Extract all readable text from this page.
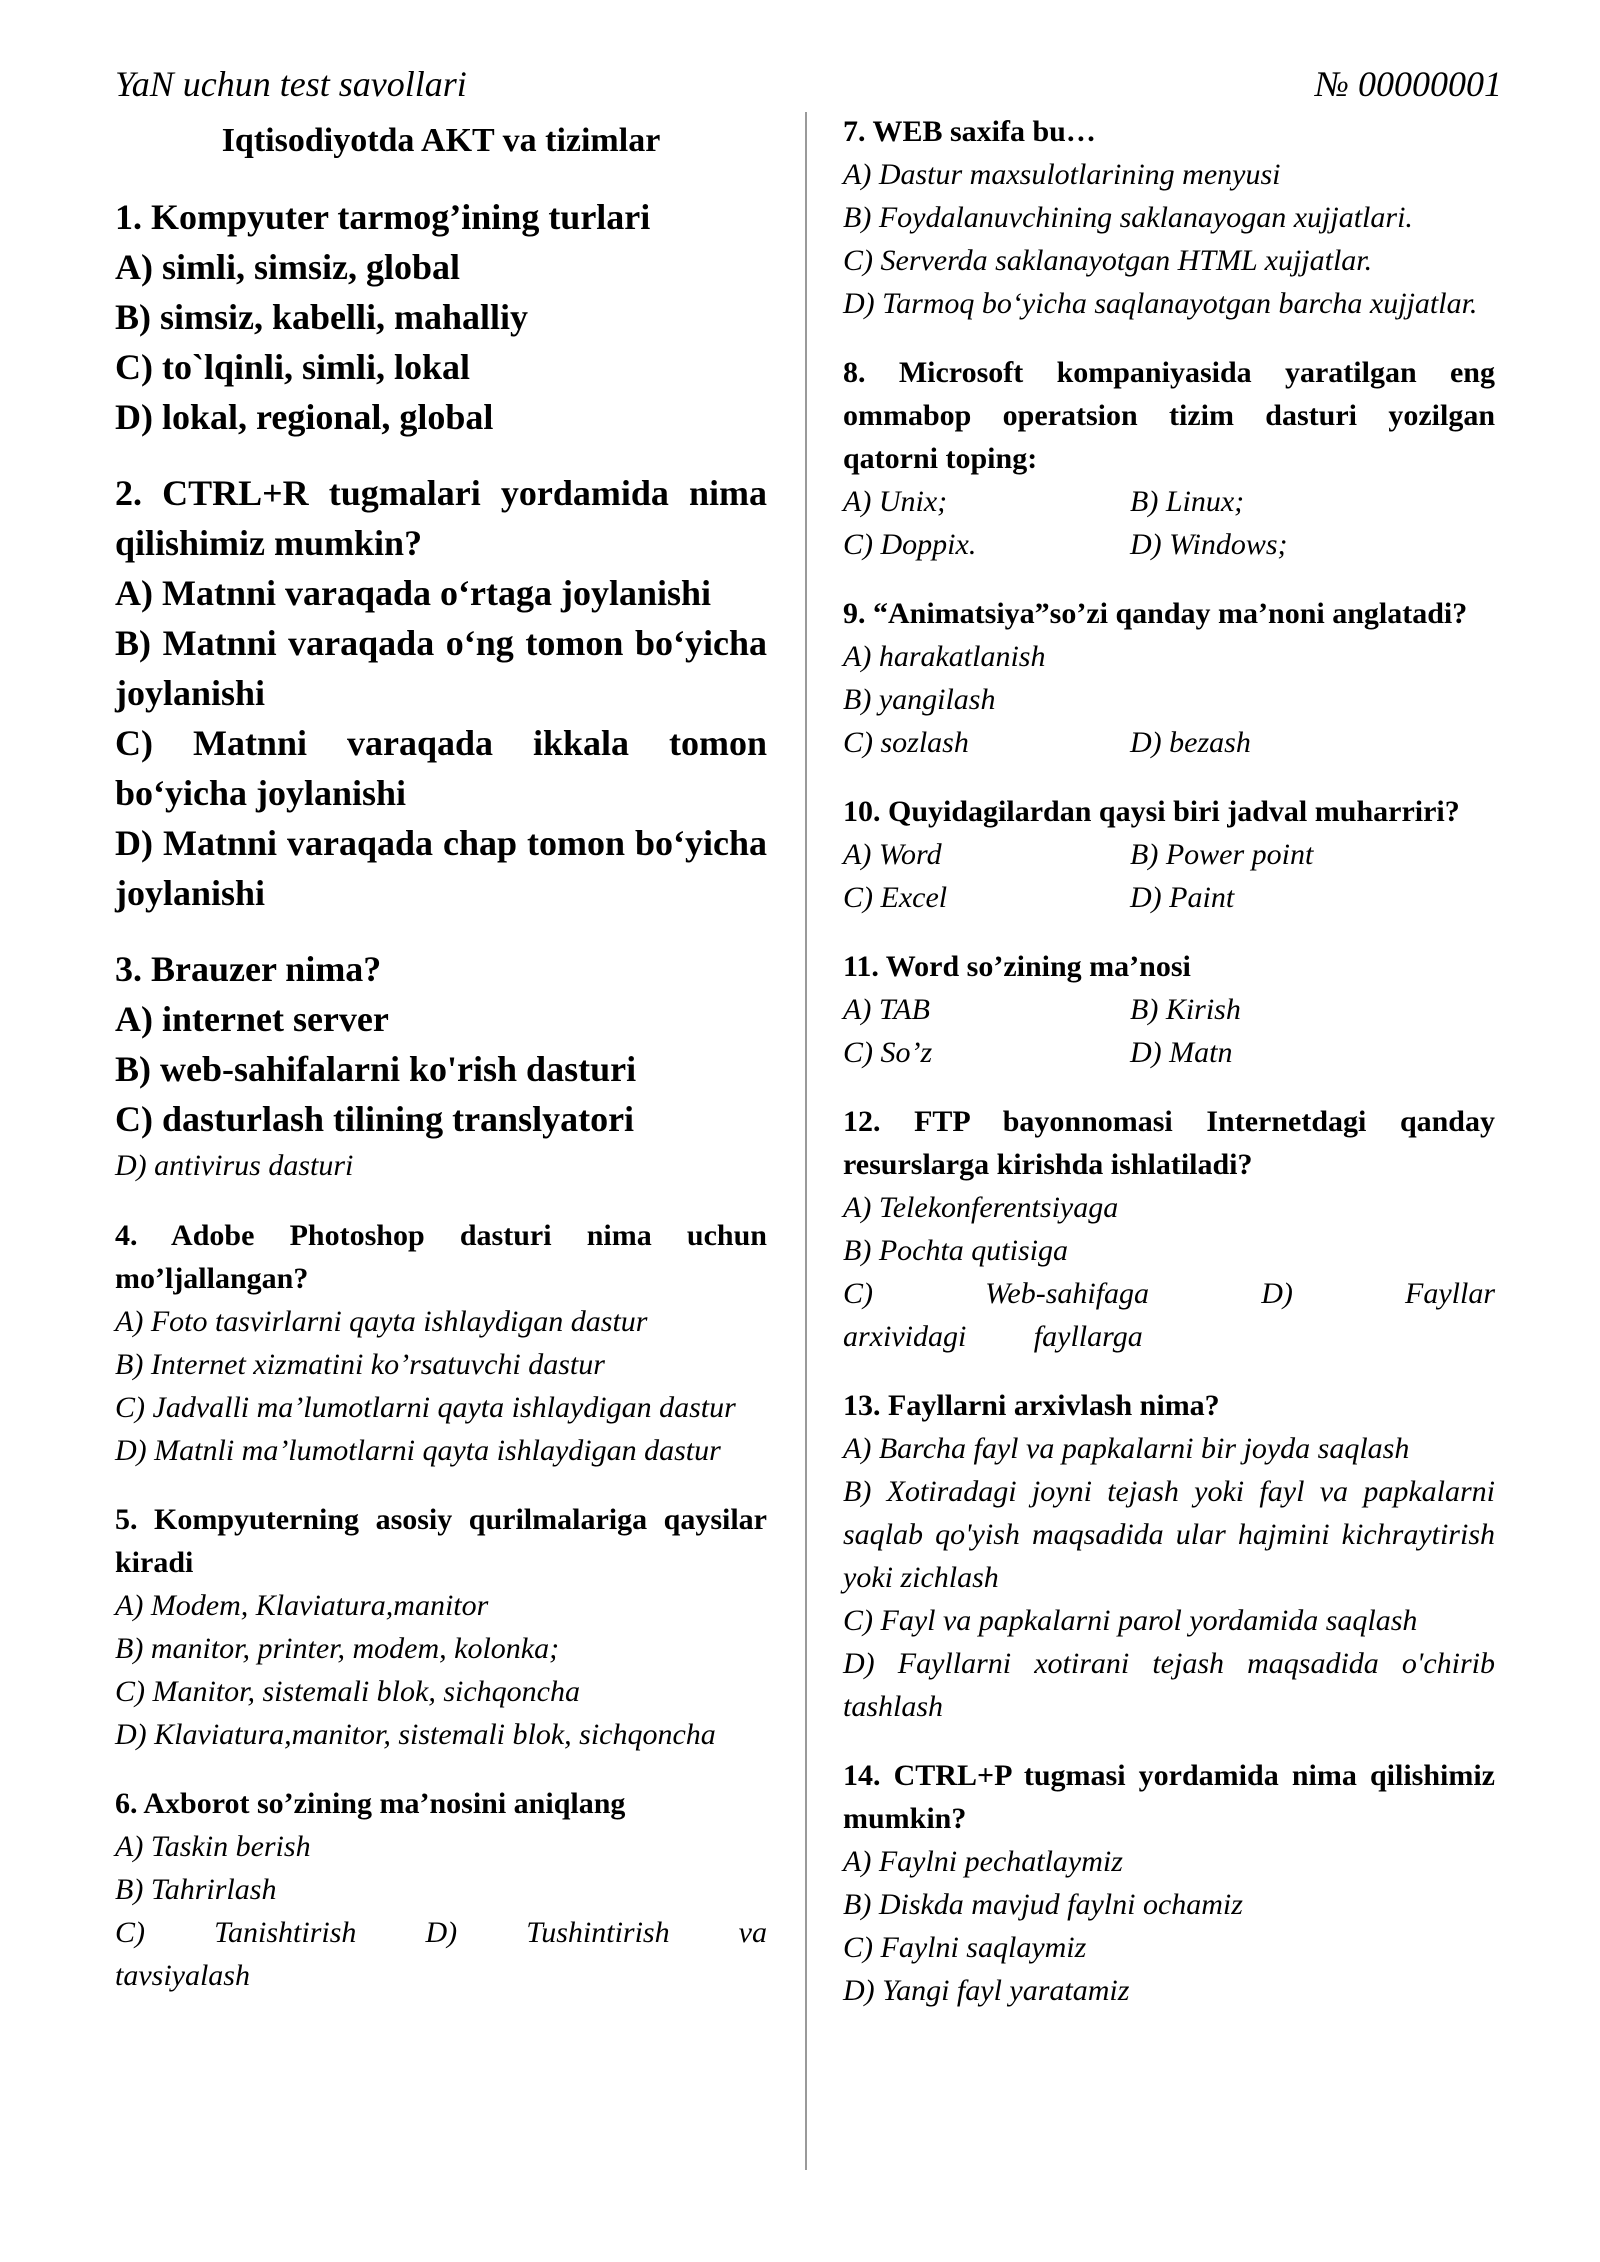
YaN uchun test savollari	№ 00000001
Iqtisodiyotda AKT va tizimlar
1. Kompyuter tarmog’ining turlari
A) simli, simsiz, global
B) simsiz, kabelli, mahalliy
C) to`lqinli, simli, lokal
D) lokal, regional, global
2. CTRL+R tugmalari yordamida nima qilishimiz mumkin?
A) Matnni varaqada o‘rtaga joylanishi
B) Matnni varaqada o‘ng tomon bo‘yicha joylanishi
C) Matnni varaqada ikkala tomon bo‘yicha joylanishi
D) Matnni varaqada chap tomon bo‘yicha joylanishi
3. Brauzer nima?
A) internet server
B) web-sahifalarni ko'rish dasturi
C) dasturlash tilining translyatori
D) antivirus dasturi
4. Adobe Photoshop dasturi nima uchun mo’ljallangan?
A) Foto tasvirlarni qayta ishlaydigan dastur
B) Internet xizmatini ko’rsatuvchi dastur
C) Jadvalli ma’lumotlarni qayta ishlaydigan dastur
D) Matnli ma’lumotlarni qayta ishlaydigan dastur
5. Kompyuterning asosiy qurilmalariga qaysilar kiradi
A) Modem, Klaviatura,manitor
B) manitor, printer, modem, kolonka;
C) Manitor, sistemali blok, sichqoncha
D) Klaviatura,manitor, sistemali blok, sichqoncha
6. Axborot so’zining ma’nosini aniqlang
A) Taskin berish
B) Tahrirlash
C) Tanishtirish D) Tushintirish va tavsiyalash
7. WEB saxifa bu…
A) Dastur maxsulotlarining menyusi
B) Foydalanuvchining saklanayogan xujjatlari.
C) Serverda saklanayotgan HTML xujjatlar.
D) Tarmoq bo‘yicha saqlanayotgan barcha xujjatlar.
8. Microsoft kompaniyasida yaratilgan eng ommabop operatsion tizim dasturi yozilgan qatorni toping:
A) Unix;	B) Linux;
C) Doppix.	D) Windows;
9. “Animatsiya”so’zi qanday ma’noni anglatadi?
A) harakatlanish
B) yangilash
C) sozlash	D) bezash
10. Quyidagilardan qaysi biri jadval muharriri?
A) Word	B) Power point
C) Excel	D) Paint
11. Word so’zining ma’nosi
A) TAB	B) Kirish
C) So’z	D) Matn
12. FTP bayonnomasi Internetdagi qanday resurslarga kirishda ishlatiladi?
A) Telekonferentsiyaga
B) Pochta qutisiga
C) Web-sahifaga D) Fayllar arxividagi fayllarga
13. Fayllarni arxivlash nima?
A) Barcha fayl va papkalarni bir joyda saqlash
B) Xotiradagi joyni tejash yoki fayl va papkalarni saqlab qo'yish maqsadida ular hajmini kichraytirish yoki zichlash
C) Fayl va papkalarni parol yordamida saqlash
D) Fayllarni xotirani tejash maqsadida o'chirib tashlash
14. CTRL+P tugmasi yordamida nima qilishimiz mumkin?
A) Faylni pechatlaymiz
B) Diskda mavjud faylni ochamiz
C) Faylni saqlaymiz
D) Yangi fayl yaratamiz
